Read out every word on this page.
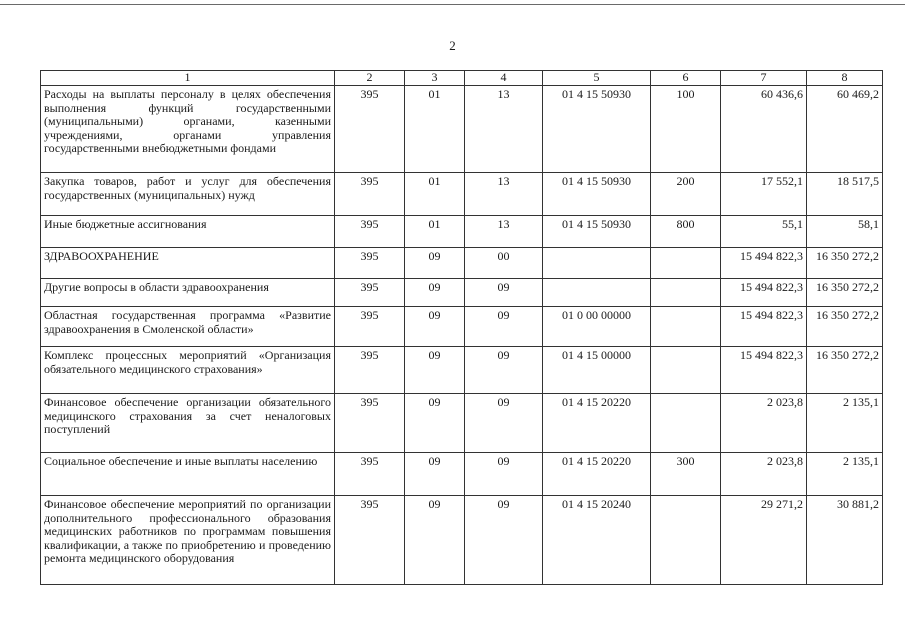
2
1	2	3	4	5	6	7	8
Расходы на выплаты персоналу в целях обеспечения выполнения функций государственными (муниципальными) органами, казенными учреждениями, органами управления государственными внебюджетными фондами	395	01	13	01 4 15 50930	100	60 436,6	60 469,2
Закупка товаров, работ и услуг для обеспечения государственных (муниципальных) нужд	395	01	13	01 4 15 50930	200	17 552,1	18 517,5
Иные бюджетные ассигнования	395	01	13	01 4 15 50930	800	55,1	58,1
ЗДРАВООХРАНЕНИЕ	395	09	00			15 494 822,3	16 350 272,2
Другие вопросы в области здравоохранения	395	09	09			15 494 822,3	16 350 272,2
Областная государственная программа «Развитие здравоохранения в Смоленской области»	395	09	09	01 0 00 00000		15 494 822,3	16 350 272,2
Комплекс процессных мероприятий «Организация обязательного медицинского страхования»	395	09	09	01 4 15 00000		15 494 822,3	16 350 272,2
Финансовое обеспечение организации обязательного медицинского страхования за счет неналоговых поступлений	395	09	09	01 4 15 20220		2 023,8	2 135,1
Социальное обеспечение и иные выплаты населению	395	09	09	01 4 15 20220	300	2 023,8	2 135,1
Финансовое обеспечение мероприятий по организации дополнительного профессионального образования медицинских работников по программам повышения квалификации, а также по приобретению и проведению ремонта медицинского оборудования	395	09	09	01 4 15 20240		29 271,2	30 881,2
